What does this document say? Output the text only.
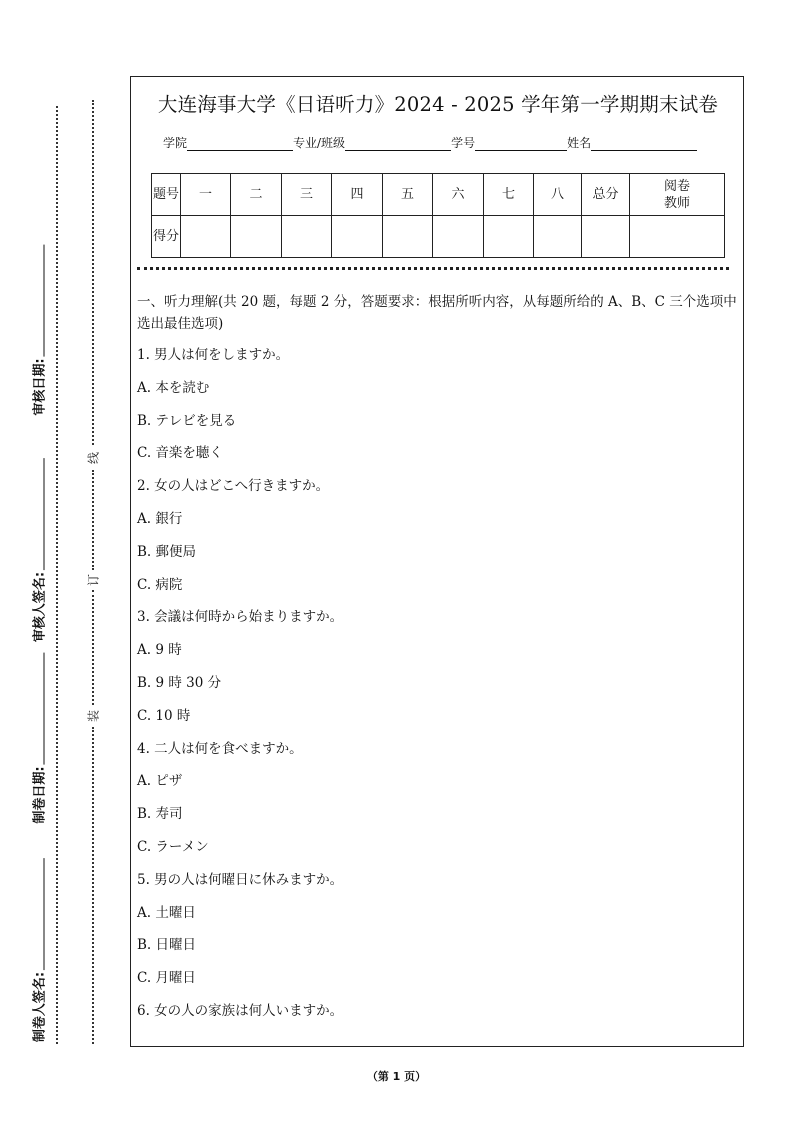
审核日期:
审核人签名:
制卷日期:
制卷人签名:
线
订
装
大连海事大学《日语听力》2024 - 2025 学年第一学期期末试卷
学院	专业/班级	学号	姓名
题号	一	二	三	四	五	六	七	八	总分	阅卷教师
得分										

一、听力理解(共 20 题，每题 2 分，答题要求：根据所听内容，从每题所给的 A、B、C 三个选项中选出最佳选项)

1. 男人は何をしますか。

A. 本を読む

B. テレビを見る

C. 音楽を聴く

2. 女の人はどこへ行きますか。

A. 銀行

B. 郵便局

C. 病院

3. 会議は何時から始まりますか。

A. 9 時

B. 9 時 30 分

C. 10 時

4. 二人は何を食べますか。

A. ピザ

B. 寿司

C. ラーメン

5. 男の人は何曜日に休みますか。

A. 土曜日

B. 日曜日

C. 月曜日

6. 女の人の家族は何人いますか。

（第 1 页）
